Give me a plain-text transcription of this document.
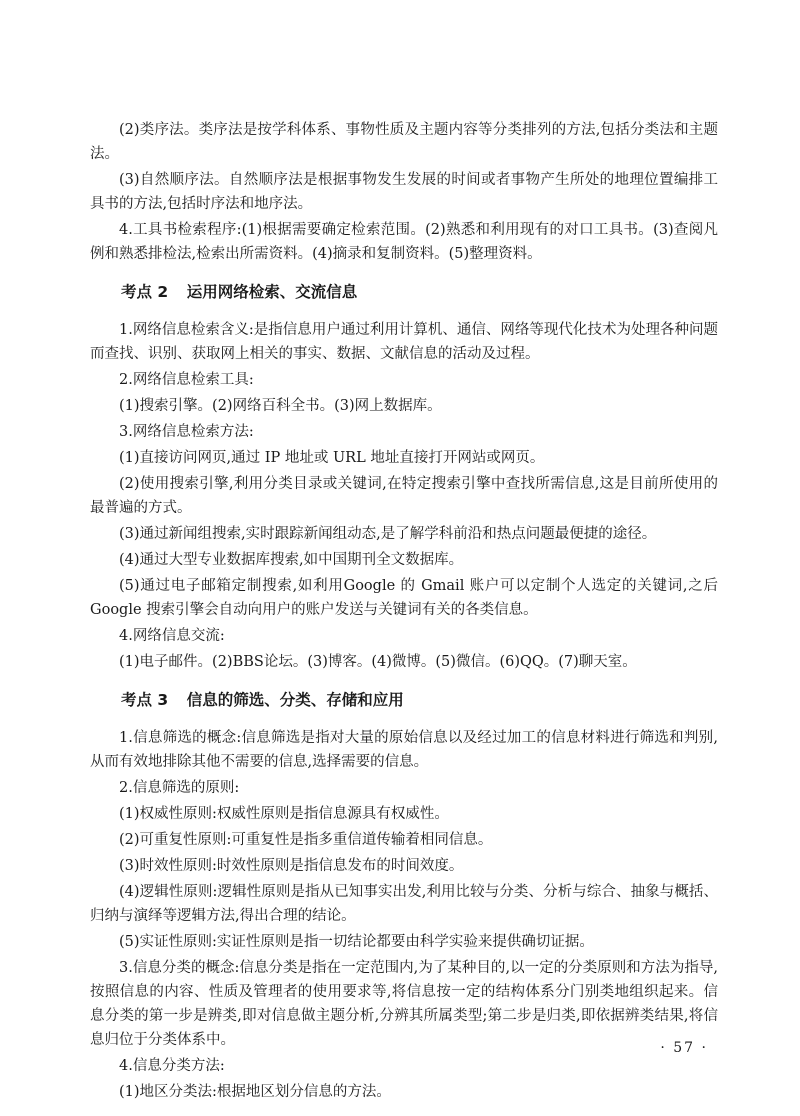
(2)类序法。类序法是按学科体系、事物性质及主题内容等分类排列的方法,包括分类法和主题法。
(3)自然顺序法。自然顺序法是根据事物发生发展的时间或者事物产生所处的地理位置编排工具书的方法,包括时序法和地序法。
4.工具书检索程序:(1)根据需要确定检索范围。(2)熟悉和利用现有的对口工具书。(3)查阅凡例和熟悉排检法,检索出所需资料。(4)摘录和复制资料。(5)整理资料。
考点 2 运用网络检索、交流信息
1.网络信息检索含义:是指信息用户通过利用计算机、通信、网络等现代化技术为处理各种问题而查找、识别、获取网上相关的事实、数据、文献信息的活动及过程。
2.网络信息检索工具:
(1)搜索引擎。(2)网络百科全书。(3)网上数据库。
3.网络信息检索方法:
(1)直接访问网页,通过 IP 地址或 URL 地址直接打开网站或网页。
(2)使用搜索引擎,利用分类目录或关键词,在特定搜索引擎中查找所需信息,这是目前所使用的最普遍的方式。
(3)通过新闻组搜索,实时跟踪新闻组动态,是了解学科前沿和热点问题最便捷的途径。
(4)通过大型专业数据库搜索,如中国期刊全文数据库。
(5)通过电子邮箱定制搜索,如利用Google 的 Gmail 账户可以定制个人选定的关键词,之后 Google 搜索引擎会自动向用户的账户发送与关键词有关的各类信息。
4.网络信息交流:
(1)电子邮件。(2)BBS论坛。(3)博客。(4)微博。(5)微信。(6)QQ。(7)聊天室。
考点 3 信息的筛选、分类、存储和应用
1.信息筛选的概念:信息筛选是指对大量的原始信息以及经过加工的信息材料进行筛选和判别,从而有效地排除其他不需要的信息,选择需要的信息。
2.信息筛选的原则:
(1)权威性原则:权威性原则是指信息源具有权威性。
(2)可重复性原则:可重复性是指多重信道传输着相同信息。
(3)时效性原则:时效性原则是指信息发布的时间效度。
(4)逻辑性原则:逻辑性原则是指从已知事实出发,利用比较与分类、分析与综合、抽象与概括、归纳与演绎等逻辑方法,得出合理的结论。
(5)实证性原则:实证性原则是指一切结论都要由科学实验来提供确切证据。
3.信息分类的概念:信息分类是指在一定范围内,为了某种目的,以一定的分类原则和方法为指导,按照信息的内容、性质及管理者的使用要求等,将信息按一定的结构体系分门别类地组织起来。信息分类的第一步是辨类,即对信息做主题分析,分辨其所属类型;第二步是归类,即依据辨类结果,将信息归位于分类体系中。
4.信息分类方法:
(1)地区分类法:根据地区划分信息的方法。
· 57 ·
